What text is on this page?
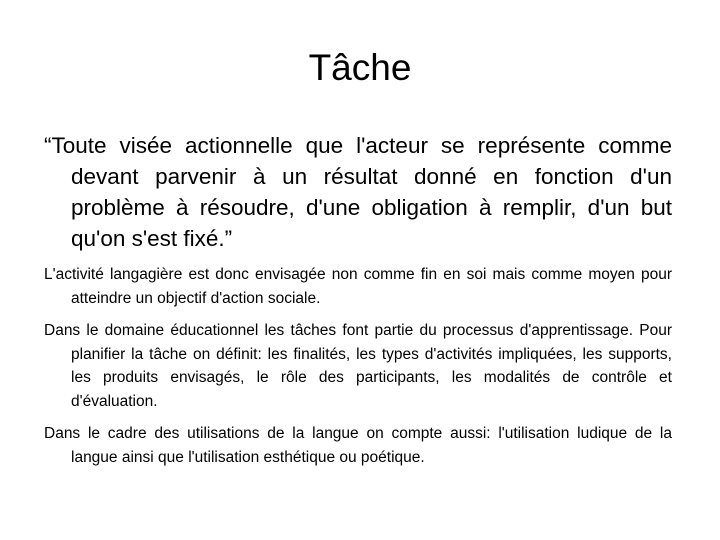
Tâche

“Toute visée actionnelle que l'acteur se représente comme devant parvenir à un résultat donné en fonction d'un problème à résoudre, d'une obligation à remplir, d'un but qu'on s'est fixé.”

L'activité langagière est donc envisagée non comme fin en soi mais comme moyen pour atteindre un objectif d'action sociale.

Dans le domaine éducationnel les tâches font partie du processus d'apprentissage. Pour planifier la tâche on définit: les finalités, les types d'activités impliquées, les supports, les produits envisagés, le rôle des participants, les modalités de contrôle et d'évaluation.

Dans le cadre des utilisations de la langue on compte aussi: l'utilisation ludique de la langue ainsi que l'utilisation esthétique ou poétique.
